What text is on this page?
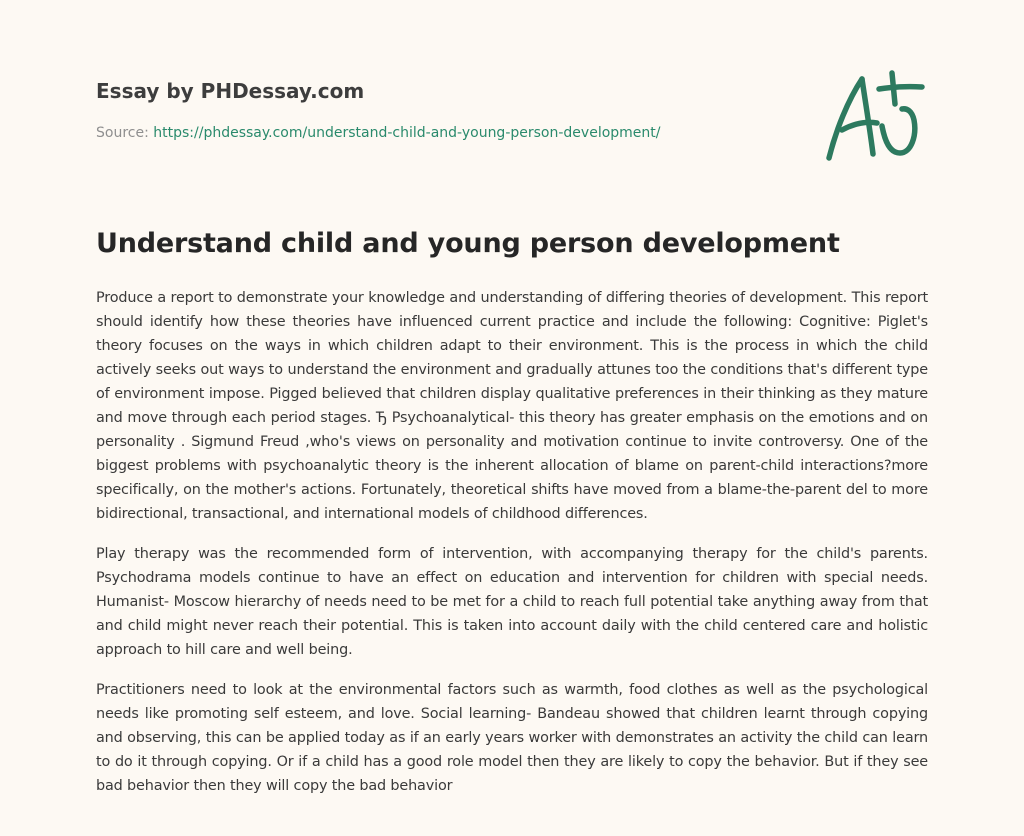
Essay by PHDessay.com
Source: https://phdessay.com/understand-child-and-young-person-development/
Understand child and young person development

Produce a report to demonstrate your knowledge and understanding of differing theories of development. This report should identify how these theories have influenced current practice and include the following: Cognitive: Piglet's theory focuses on the ways in which children adapt to their environment. This is the process in which the child actively seeks out ways to understand the environment and gradually attunes too the conditions that's different type of environment impose. Pigged believed that children display qualitative preferences in their thinking as they mature and move through each period stages. Ђ Psychoanalytical- this theory has greater emphasis on the emotions and on personality . Sigmund Freud ,who's views on personality and motivation continue to invite controversy. One of the biggest problems with psychoanalytic theory is the inherent allocation of blame on parent-child interactions?more specifically, on the mother's actions. Fortunately, theoretical shifts have moved from a blame-the-parent del to more bidirectional, transactional, and international models of childhood differences.

Play therapy was the recommended form of intervention, with accompanying therapy for the child's parents. Psychodrama models continue to have an effect on education and intervention for children with special needs. Humanist- Moscow hierarchy of needs need to be met for a child to reach full potential take anything away from that and child might never reach their potential. This is taken into account daily with the child centered care and holistic approach to hill care and well being.

Practitioners need to look at the environmental factors such as warmth, food clothes as well as the psychological needs like promoting self esteem, and love. Social learning- Bandeau showed that children learnt through copying and observing, this can be applied today as if an early years worker with demonstrates an activity the child can learn to do it through copying. Or if a child has a good role model then they are likely to copy the behavior. But if they see bad behavior then they will copy the bad behavior
